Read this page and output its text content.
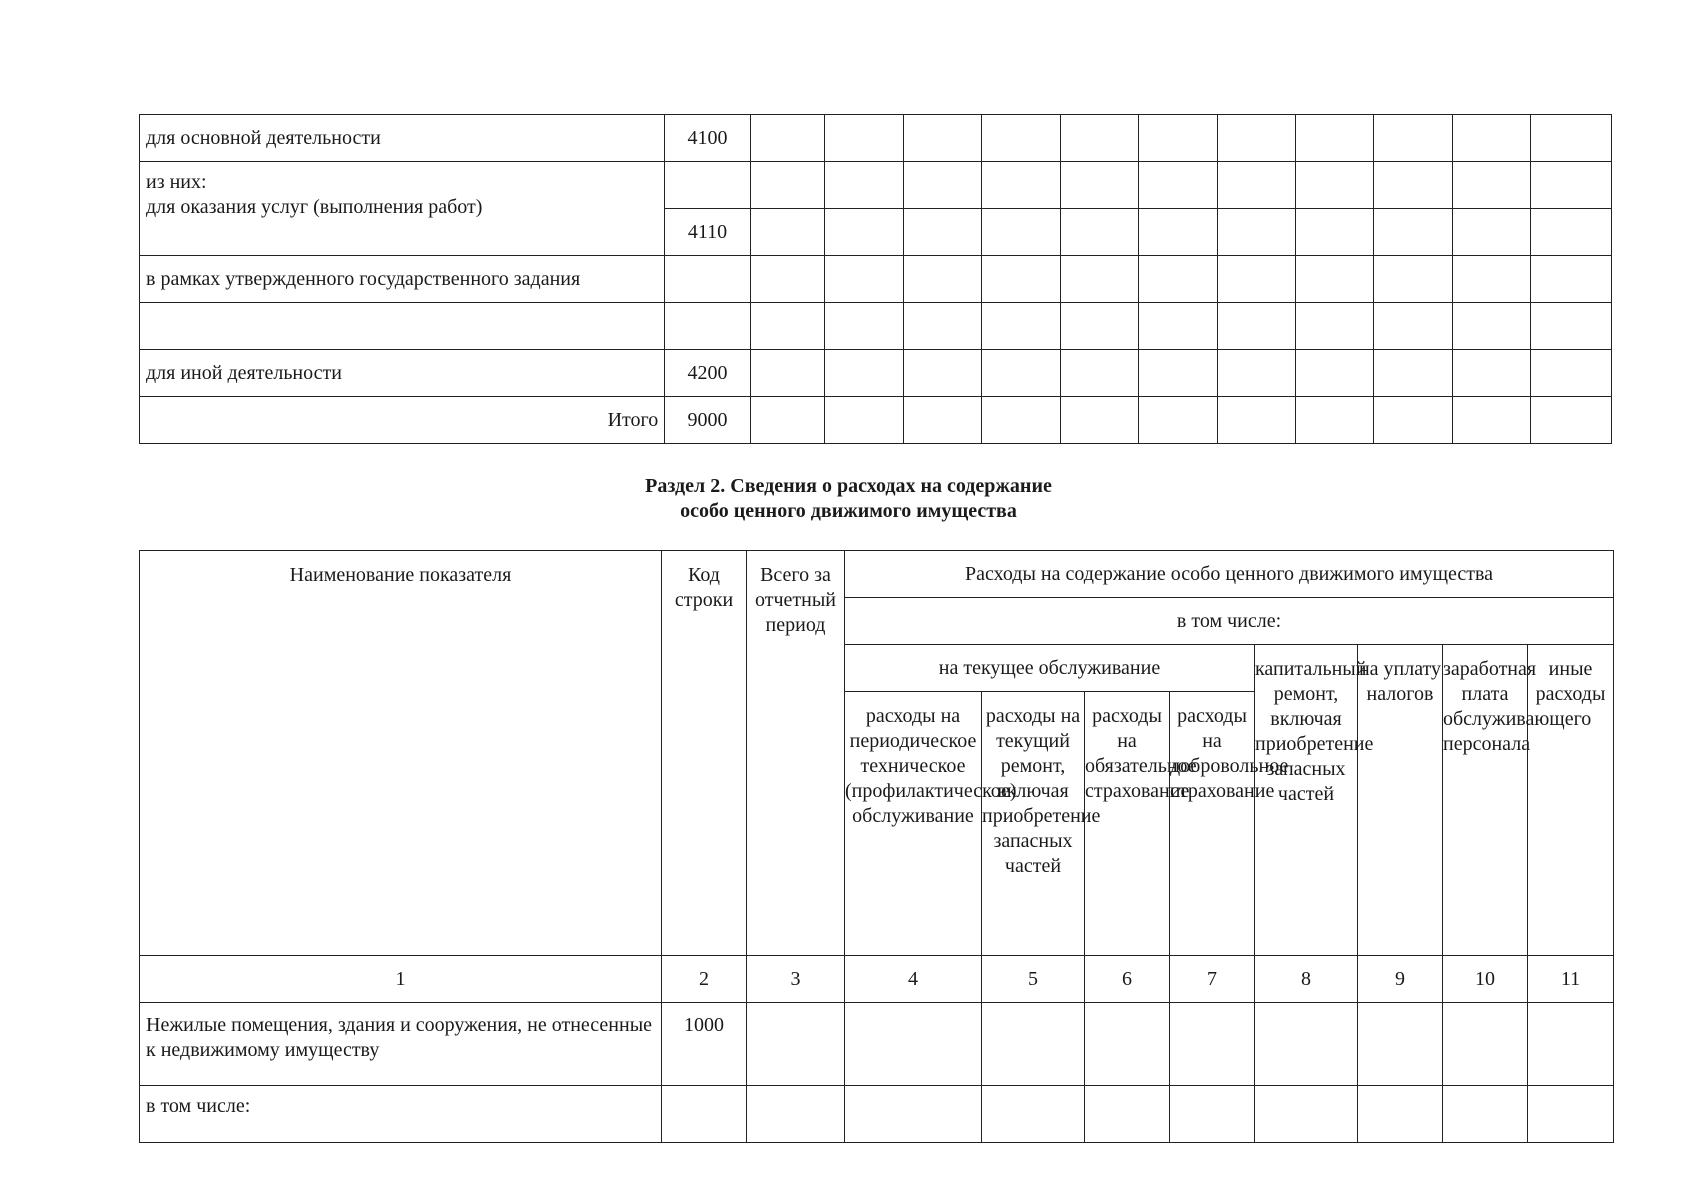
для основной деятельности	4100											
из них:
для оказания услуг (выполнения работ)												
	4110											
в рамках утвержденного государственного задания												

для иной деятельности	4200											
Итого	9000											
Раздел 2. Сведения о расходах на содержание
особо ценного движимого имущества
Наименование показателя	Код строки	Всего за отчетный период	Расходы на содержание особо ценного движимого имущества							
			в том числе:							
			на текущее обслуживание				капитальный ремонт, включая приобретение запасных частей	на уплату налогов	заработная плата обслуживающего персонала	иные расходы
			расходы на периодическое техническое (профилактическое) обслуживание	расходы на текущий ремонт, включая приобретение запасных частей	расходы на обязательное страхование	расходы на добровольное страхование				
1	2	3	4	5	6	7	8	9	10	11
Нежилые помещения, здания и сооружения, не отнесенные к недвижимому имуществу	1000									
в том числе:										
